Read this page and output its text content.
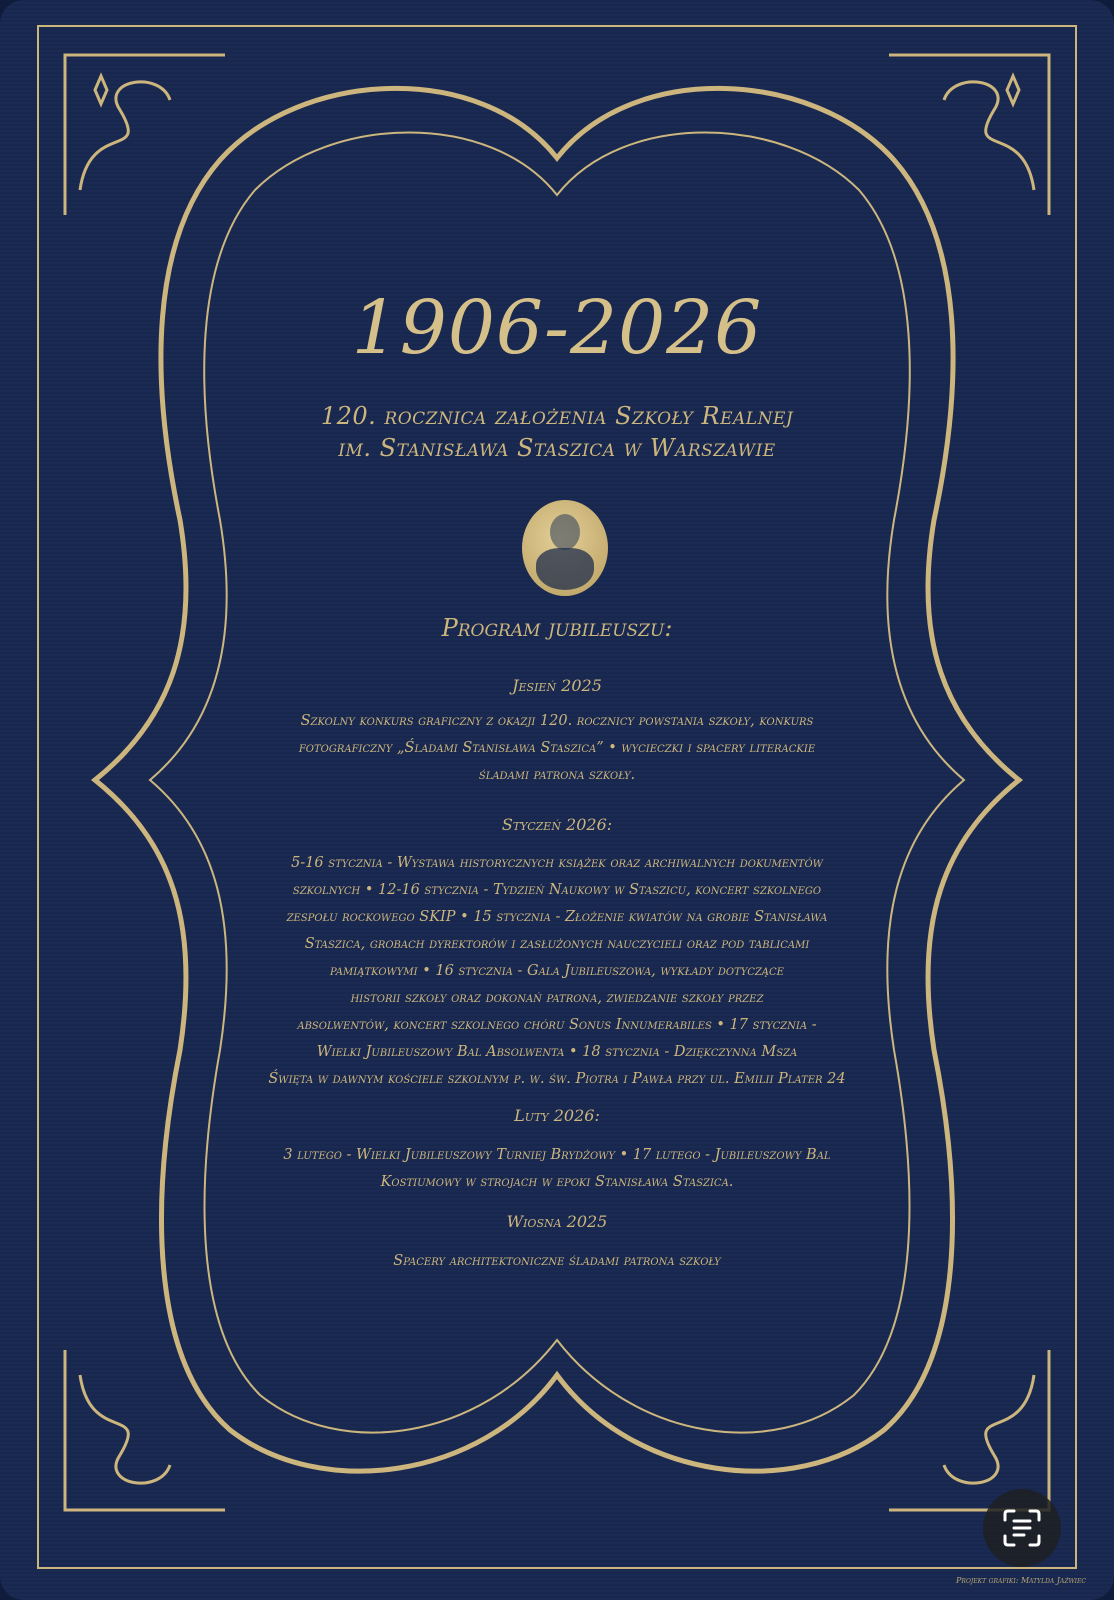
1906-2026
120. rocznica założenia Szkoły Realnej
im. Stanisława Staszica w Warszawie
Program jubileuszu:
Jesień 2025
Szkolny konkurs graficzny z okazji 120. rocznicy powstania szkoły, konkurs
fotograficzny „Śladami Stanisława Staszica” • wycieczki i spacery literackie
śladami patrona szkoły.
Styczeń 2026:
5-16 stycznia - Wystawa historycznych książek oraz archiwalnych dokumentów
szkolnych • 12-16 stycznia - Tydzień Naukowy w Staszicu, koncert szkolnego
zespołu rockowego SKIP • 15 stycznia - Złożenie kwiatów na grobie Stanisława
Staszica, grobach dyrektorów i zasłużonych nauczycieli oraz pod tablicami
pamiątkowymi • 16 stycznia - Gala Jubileuszowa, wykłady dotyczące
historii szkoły oraz dokonań patrona, zwiedzanie szkoły przez
absolwentów, koncert szkolnego chóru Sonus Innumerabiles • 17 stycznia -
Wielki Jubileuszowy Bal Absolwenta • 18 stycznia - Dziękczynna Msza
Święta w dawnym kościele szkolnym p. w. św. Piotra i Pawła przy ul. Emilii Plater 24
Luty 2026:
3 lutego - Wielki Jubileuszowy Turniej Brydżowy • 17 lutego - Jubileuszowy Bal
Kostiumowy w strojach w epoki Stanisława Staszica.
Wiosna 2025
Spacery architektoniczne śladami patrona szkoły
Projekt grafiki: Matylda Jaźwiec
